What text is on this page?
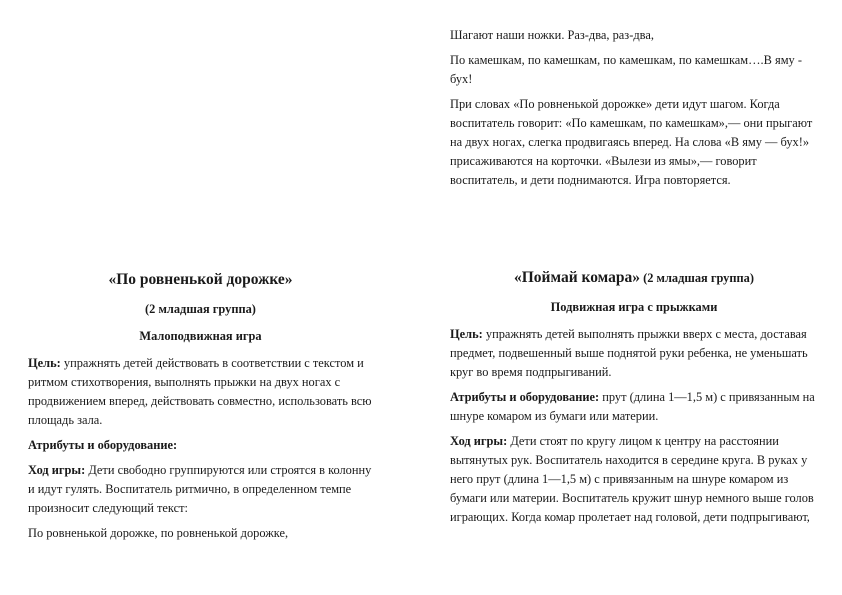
Шагают наши ножки. Раз-два, раз-два,

По камешкам, по камешкам, по камешкам, по камешкам….В яму - бух!

При словах «По ровненькой дорожке» дети идут шагом. Когда воспитатель говорит: «По камешкам, по камешкам»,— они прыгают на двух ногах, слегка продвигаясь вперед. На слова «В яму — бух!» присаживаются на корточки. «Вылези из ямы»,— говорит воспитатель, и дети поднимаются. Игра повторяется.

«По ровненькой дорожке»

(2 младшая группа)

Малоподвижная игра

Цель: упражнять детей действовать в соответствии с текстом и ритмом стихотворения, выполнять прыжки на двух ногах с продвижением вперед, действовать совместно, использовать всю площадь зала.

Атрибуты и оборудование:

Ход игры: Дети свободно группируются или строятся в колонну и идут гулять. Воспитатель ритмично, в определенном темпе произносит следующий текст:

По ровненькой дорожке, по ровненькой дорожке,

«Поймай комара» (2 младшая группа)

Подвижная игра с прыжками

Цель: упражнять детей выполнять прыжки вверх с места, доставая предмет, подвешенный выше поднятой руки ребенка, не уменьшать круг во время подпрыгиваний.

Атрибуты и оборудование: прут (длина 1—1,5 м) с привязанным на шнуре комаром из бумаги или материи.

Ход игры: Дети стоят по кругу лицом к центру на расстоянии вытянутых рук. Воспитатель находится в середине круга. В руках у него прут (длина 1—1,5 м) с привязанным на шнуре комаром из бумаги или материи. Воспитатель кружит шнур немного выше голов играющих. Когда комар пролетает над головой, дети подпрыгивают,
